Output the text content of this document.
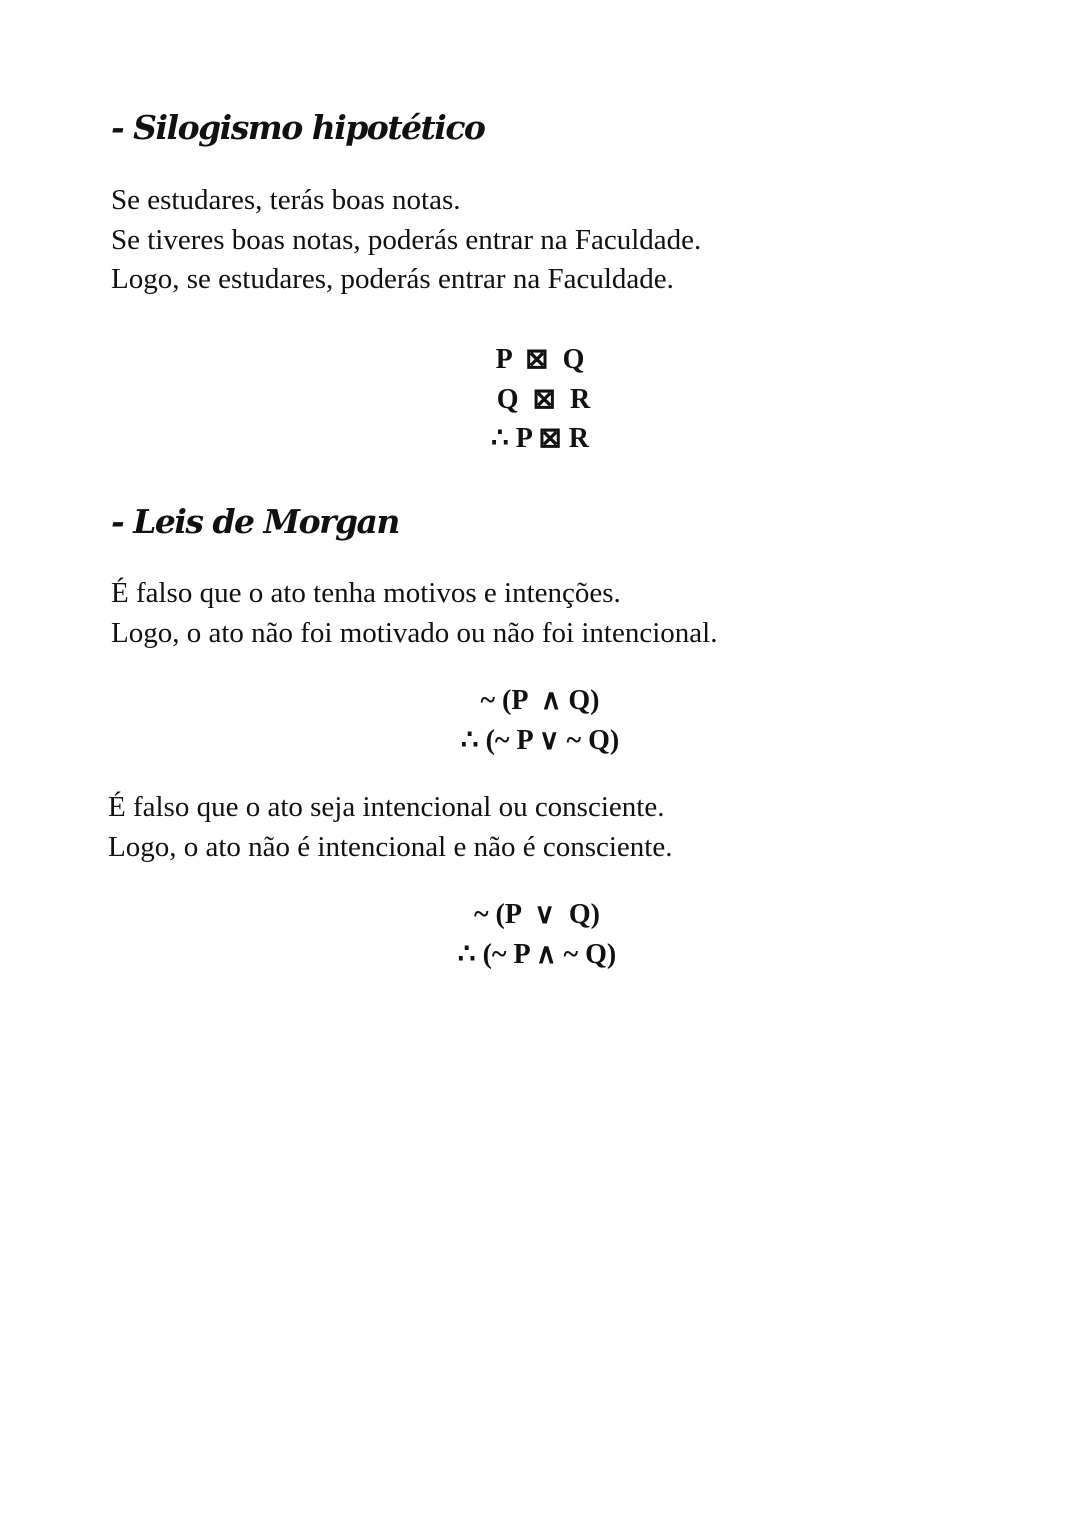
- Silogismo hipotético
Se estudares, terás boas notas.
Se tiveres boas notas, poderás entrar na Faculdade.
Logo, se estudares, poderás entrar na Faculdade.
P  ⊠  Q
Q  ⊠  R
∴ P ⊠ R
- Leis de Morgan
É falso que o ato tenha motivos e intenções.
Logo, o ato não foi motivado ou não foi intencional.
~ (P  ∧ Q)
∴ (~ P ∨ ~ Q)
É falso que o ato seja intencional ou consciente.
Logo, o ato não é intencional e não é consciente.
~ (P  ∨  Q)
∴ (~ P ∧ ~ Q)
